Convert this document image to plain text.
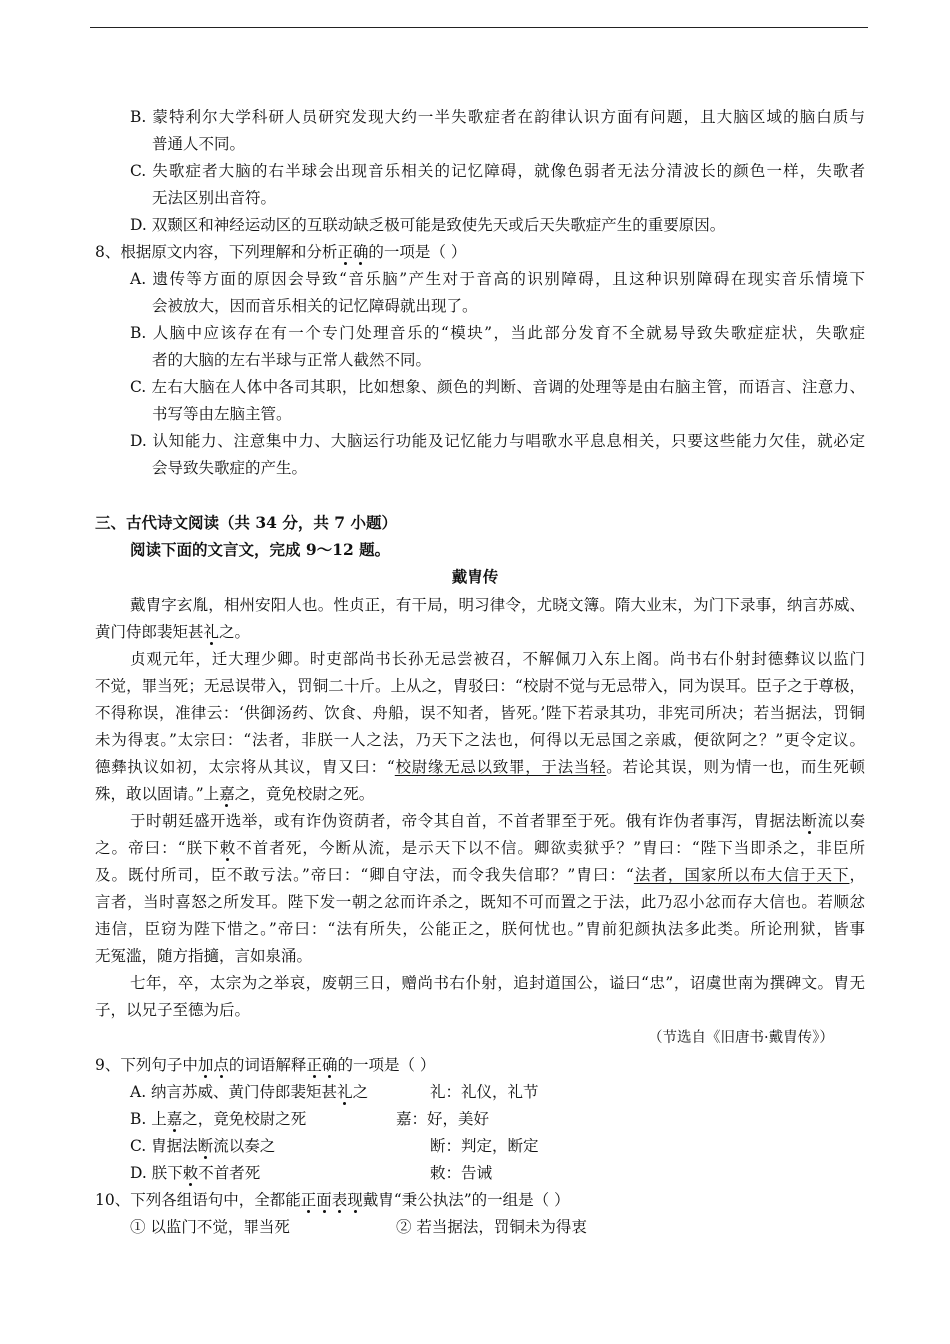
B. 蒙特利尔大学科研人员研究发现大约一半失歌症者在韵律认识方面有问题，且大脑区域的脑白质与
普通人不同。
C. 失歌症者大脑的右半球会出现音乐相关的记忆障碍，就像色弱者无法分清波长的颜色一样，失歌者
无法区别出音符。
D. 双颞区和神经运动区的互联动缺乏极可能是致使先天或后天失歌症产生的重要原因。
8、根据原文内容，下列理解和分析正确的一项是（ ）
A. 遗传等方面的原因会导致“音乐脑”产生对于音高的识别障碍，且这种识别障碍在现实音乐情境下
会被放大，因而音乐相关的记忆障碍就出现了。
B. 人脑中应该存在有一个专门处理音乐的“模块”，当此部分发育不全就易导致失歌症症状，失歌症
者的大脑的左右半球与正常人截然不同。
C. 左右大脑在人体中各司其职，比如想象、颜色的判断、音调的处理等是由右脑主管，而语言、注意力、
书写等由左脑主管。
D. 认知能力、注意集中力、大脑运行功能及记忆能力与唱歌水平息息相关，只要这些能力欠佳，就必定
会导致失歌症的产生。
三、古代诗文阅读（共 34 分，共 7 小题）
阅读下面的文言文，完成 9～12 题。
戴胄传
戴胄字玄胤，相州安阳人也。性贞正，有干局，明习律令，尤晓文簿。隋大业末，为门下录事，纳言苏威、
黄门侍郎裴矩甚礼之。
贞观元年，迁大理少卿。时吏部尚书长孙无忌尝被召，不解佩刀入东上阁。尚书右仆射封德彝议以监门
不觉，罪当死；无忌误带入，罚铜二十斤。上从之，胄驳曰：“校尉不觉与无忌带入，同为误耳。臣子之于尊极，
不得称误，准律云：‘供御汤药、饮食、舟船，误不知者，皆死。’陛下若录其功，非宪司所决；若当据法，罚铜
未为得衷。”太宗曰：“法者，非朕一人之法，乃天下之法也，何得以无忌国之亲戚，便欲阿之？”更令定议。
德彝执议如初，太宗将从其议，胄又曰：“校尉缘无忌以致罪，于法当轻。若论其误，则为情一也，而生死顿
殊，敢以固请。”上嘉之，竟免校尉之死。
于时朝廷盛开选举，或有诈伪资荫者，帝令其自首，不首者罪至于死。俄有诈伪者事泻，胄据法断流以奏
之。帝曰：“朕下敕不首者死，今断从流，是示天下以不信。卿欲卖狱乎？”胄曰：“陛下当即杀之，非臣所
及。既付所司，臣不敢亏法。”帝曰：“卿自守法，而令我失信耶？”胄曰：“法者，国家所以布大信于天下，
言者，当时喜怒之所发耳。陛下发一朝之忿而许杀之，既知不可而置之于法，此乃忍小忿而存大信也。若顺忿
违信，臣窃为陛下惜之。”帝曰：“法有所失，公能正之，朕何忧也。”胄前犯颜执法多此类。所论刑狱，皆事
无冤滥，随方指擿，言如泉涌。
七年，卒，太宗为之举哀，废朝三日，赠尚书右仆射，追封道国公，谥曰“忠”，诏虞世南为撰碑文。胄无
子，以兄子至德为后。
（节选自《旧唐书·戴胄传》）
9、下列句子中加点的词语解释正确的一项是（ ）
A. 纳言苏威、黄门侍郎裴矩甚礼之	礼：礼仪，礼节
B. 上嘉之，竟免校尉之死	嘉：好，美好
C. 胄据法断流以奏之	断：判定，断定
D. 朕下敕不首者死	敕：告诫
10、下列各组语句中，全都能正面表现戴胄“秉公执法”的一组是（ ）
① 以监门不觉，罪当死	② 若当据法，罚铜未为得衷
